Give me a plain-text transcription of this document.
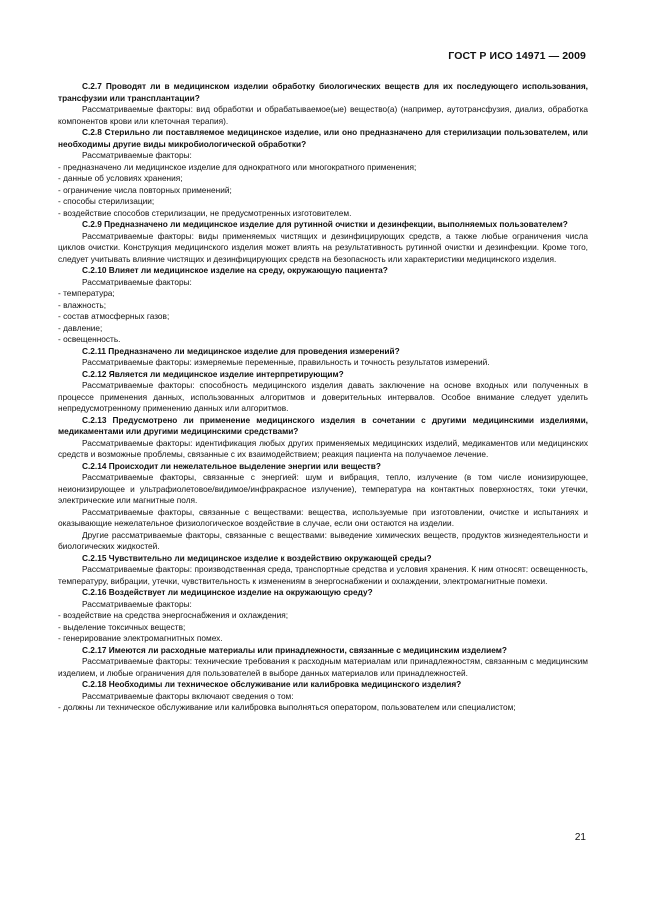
ГОСТ Р ИСО 14971 — 2009

С.2.7 Проводят ли в медицинском изделии обработку биологических веществ для их последующего использования, трансфузии или трансплантации?

Рассматриваемые факторы: вид обработки и обрабатываемое(ые) вещество(а) (например, аутотрансфузия, диализ, обработка компонентов крови или клеточная терапия).

С.2.8 Стерильно ли поставляемое медицинское изделие, или оно предназначено для стерилизации пользователем, или необходимы другие виды микробиологической обработки?

Рассматриваемые факторы:

- предназначено ли медицинское изделие для однократного или многократного применения;

- данные об условиях хранения;

- ограничение числа повторных применений;

- способы стерилизации;

- воздействие способов стерилизации, не предусмотренных изготовителем.

С.2.9 Предназначено ли медицинское изделие для рутинной очистки и дезинфекции, выполняемых пользователем?

Рассматриваемые факторы: виды применяемых чистящих и дезинфицирующих средств, а также любые ограничения числа циклов очистки. Конструкция медицинского изделия может влиять на результативность рутинной очистки и дезинфекции. Кроме того, следует учитывать влияние чистящих и дезинфицирующих средств на безопасность или характеристики медицинского изделия.

С.2.10 Влияет ли медицинское изделие на среду, окружающую пациента?

Рассматриваемые факторы:

- температура;

- влажность;

- состав атмосферных газов;

- давление;

- освещенность.

С.2.11 Предназначено ли медицинское изделие для проведения измерений?

Рассматриваемые факторы: измеряемые переменные, правильность и точность результатов измерений.

С.2.12 Является ли медицинское изделие интерпретирующим?

Рассматриваемые факторы: способность медицинского изделия давать заключение на основе входных или полученных в процессе применения данных, использованных алгоритмов и доверительных интервалов. Особое внимание следует уделить непредусмотренному применению данных или алгоритмов.

С.2.13 Предусмотрено ли применение медицинского изделия в сочетании с другими медицинскими изделиями, медикаментами или другими медицинскими средствами?

Рассматриваемые факторы: идентификация любых других применяемых медицинских изделий, медикаментов или медицинских средств и возможные проблемы, связанные с их взаимодействием; реакция пациента на получаемое лечение.

С.2.14 Происходит ли нежелательное выделение энергии или веществ?

Рассматриваемые факторы, связанные с энергией: шум и вибрация, тепло, излучение (в том числе ионизирующее, неионизирующее и ультрафиолетовое/видимое/инфракрасное излучение), температура на контактных поверхностях, токи утечки, электрические или магнитные поля.

Рассматриваемые факторы, связанные с веществами: вещества, используемые при изготовлении, очистке и испытаниях и оказывающие нежелательное физиологическое воздействие в случае, если они остаются на изделии.

Другие рассматриваемые факторы, связанные с веществами: выведение химических веществ, продуктов жизнедеятельности и биологических жидкостей.

С.2.15 Чувствительно ли медицинское изделие к воздействию окружающей среды?

Рассматриваемые факторы: производственная среда, транспортные средства и условия хранения. К ним относят: освещенность, температуру, вибрации, утечки, чувствительность к изменениям в энергоснабжении и охлаждении, электромагнитные помехи.

С.2.16 Воздействует ли медицинское изделие на окружающую среду?

Рассматриваемые факторы:

- воздействие на средства энергоснабжения и охлаждения;

- выделение токсичных веществ;

- генерирование электромагнитных помех.

С.2.17 Имеются ли расходные материалы или принадлежности, связанные с медицинским изделием?

Рассматриваемые факторы: технические требования к расходным материалам или принадлежностям, связанным с медицинским изделием, и любые ограничения для пользователей в выборе данных материалов или принадлежностей.

С.2.18 Необходимы ли техническое обслуживание или калибровка медицинского изделия?

Рассматриваемые факторы включают сведения о том:

- должны ли техническое обслуживание или калибровка выполняться оператором, пользователем или специалистом;

21
